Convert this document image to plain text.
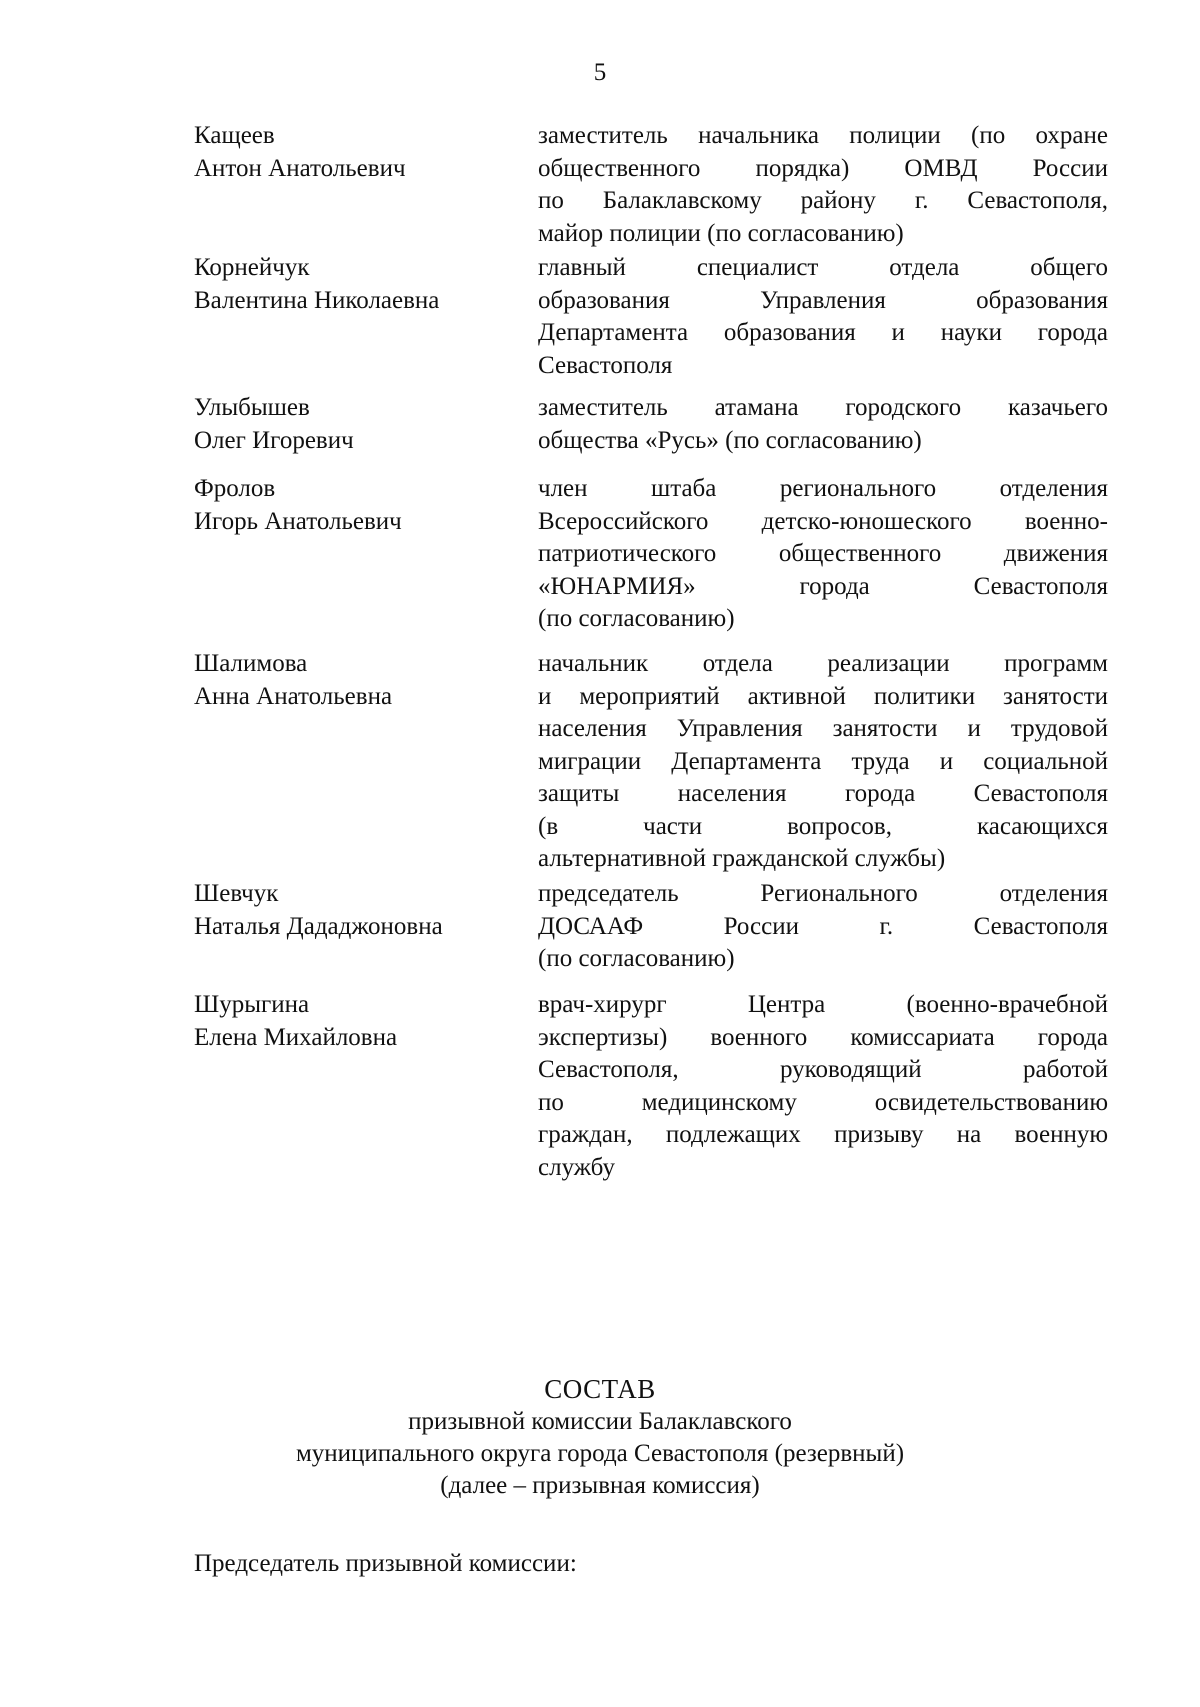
5
Кащеев
Антон Анатольевич
заместитель начальника полиции (по охране
общественного порядка) ОМВД России
по Балаклавскому району г. Севастополя,
майор полиции (по согласованию)
Корнейчук
Валентина Николаевна
главный специалист отдела общего
образования Управления образования
Департамента образования и науки города
Севастополя
Улыбышев
Олег Игоревич
заместитель атамана городского казачьего
общества «Русь» (по согласованию)
Фролов
Игорь Анатольевич
член штаба регионального отделения
Всероссийского детско-юношеского военно-
патриотического общественного движения
«ЮНАРМИЯ» города Севастополя
(по согласованию)
Шалимова
Анна Анатольевна
начальник отдела реализации программ
и мероприятий активной политики занятости
населения Управления занятости и трудовой
миграции Департамента труда и социальной
защиты населения города Севастополя
(в части вопросов, касающихся
альтернативной гражданской службы)
Шевчук
Наталья Дададжоновна
председатель Регионального отделения
ДОСААФ России г. Севастополя
(по согласованию)
Шурыгина
Елена Михайловна
врач-хирург Центра (военно-врачебной
экспертизы) военного комиссариата города
Севастополя, руководящий работой
по медицинскому освидетельствованию
граждан, подлежащих призыву на военную
службу
СОСТАВ
призывной комиссии Балаклавского
муниципального округа города Севастополя (резервный)
(далее – призывная комиссия)
Председатель призывной комиссии:
